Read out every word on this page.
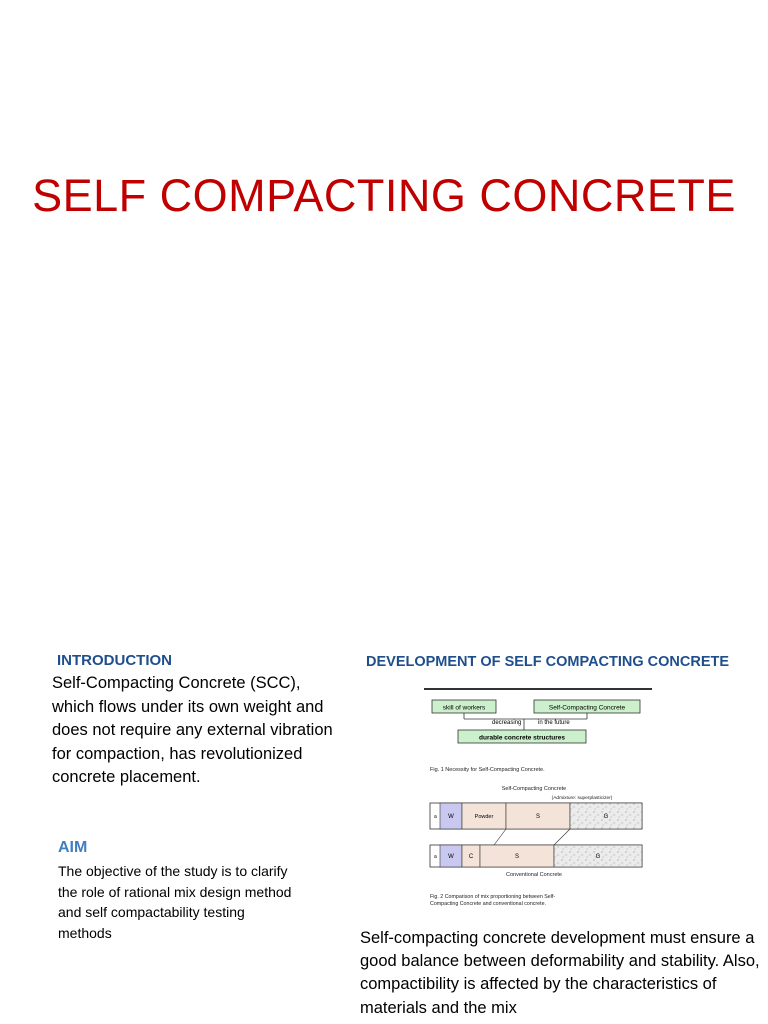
SELF COMPACTING CONCRETE
INTRODUCTION
Self-Compacting Concrete (SCC), which flows under its own weight and does not require any external vibration for compaction, has revolutionized concrete placement.
AIM
The objective of the study is to clarify the role of rational mix design method and self compactability testing methods
DEVELOPMENT OF SELF COMPACTING CONCRETE
skill of workers	Self-Compacting Concrete
decreasing	in the future
durable concrete structures
Fig. 1 Necessity for Self-Compacting Concrete.
Self-Compacting Concrete
(Admixture: superplasticizer)
a W	Powder	S	G
a W C	S	G
Conventional Concrete
Fig. 2 Comparison of mix proportioning between Self-
Compacting Concrete and conventional concrete.
Self-compacting concrete development must ensure a good balance between deformability and stability. Also, compactibility is affected by the characteristics of materials and the mix
